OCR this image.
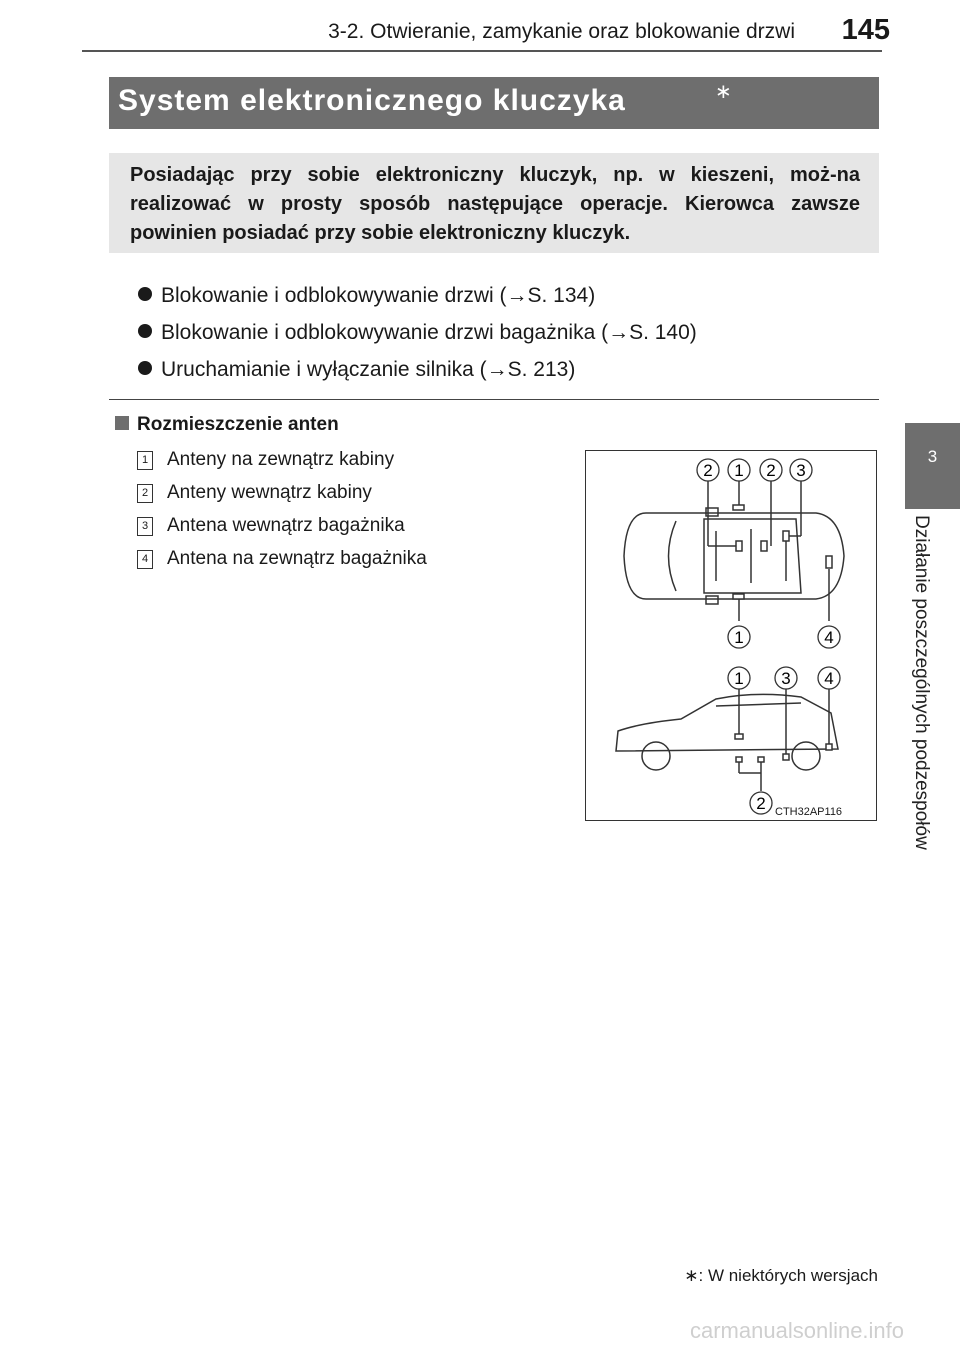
3-2. Otwieranie, zamykanie oraz blokowanie drzwi 145
3
Działanie poszczególnych podzespołów
System elektronicznego kluczyka	∗
Posiadając przy sobie elektroniczny kluczyk, np. w kieszeni, moż-na realizować w prosty sposób następujące operacje. Kierowca zawsze powinien posiadać przy sobie elektroniczny kluczyk.
Blokowanie i odblokowywanie drzwi (→S. 134)
Blokowanie i odblokowywanie drzwi bagażnika (→S. 140)
Uruchamianie i wyłączanie silnika (→S. 213)
Rozmieszczenie anten
1 Anteny na zewnątrz kabiny
2 Anteny wewnątrz kabiny
3 Antena wewnątrz bagażnika
4 Antena na zewnątrz bagażnika
2 1 2 3
1	4
1 3 4
2 CTH32AP116
∗: W niektórych wersjach
carmanualsonline.info
